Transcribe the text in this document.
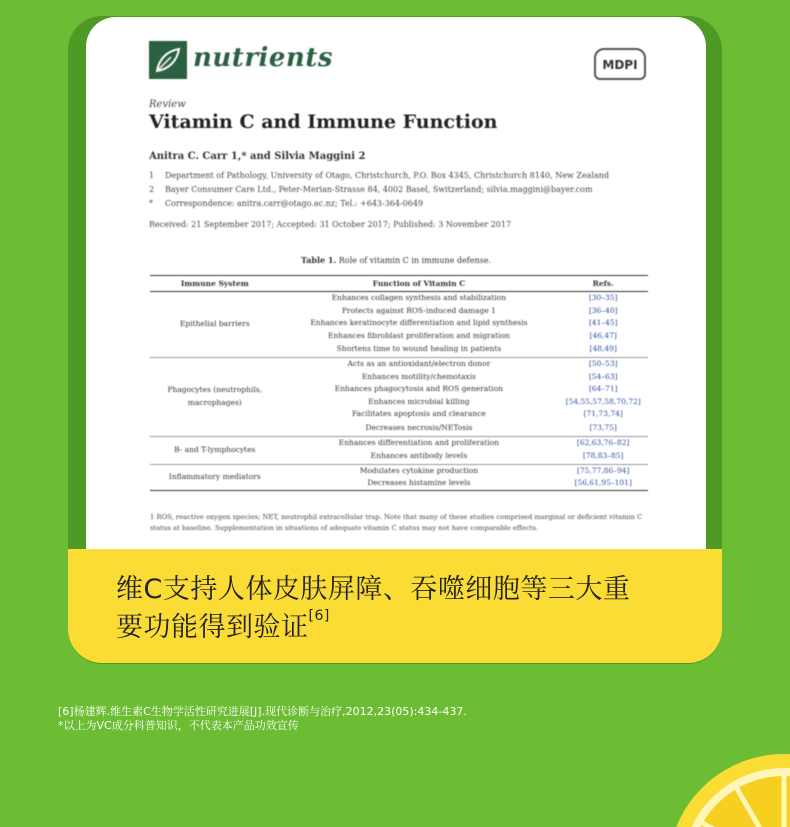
nutrients	MDPI
Review
Vitamin C and Immune Function
Anitra C. Carr 1,* and Silvia Maggini 2
1 Department of Pathology, University of Otago, Christchurch, P.O. Box 4345, Christchurch 8140, New Zealand
2 Bayer Consumer Care Ltd., Peter-Merian-Strasse 84, 4002 Basel, Switzerland; silvia.maggini@bayer.com
* Correspondence: anitra.carr@otago.ac.nz; Tel.: +643-364-0649
Received: 21 September 2017; Accepted: 31 October 2017; Published: 3 November 2017
Table 1. Role of vitamin C in immune defense.
Immune System	Function of Vitamin C	Refs.
Epithelial barriers	Enhances collagen synthesis and stabilization	[30–35]
	Protects against ROS-induced damage 1	[36–40]
	Enhances keratinocyte differentiation and lipid synthesis	[41–45]
	Enhances fibroblast proliferation and migration	[46,47]
	Shortens time to wound healing in patients	[48,49]
Phagocytes (neutrophils, macrophages)	Acts as an antioxidant/electron donor	[50–53]
	Enhances motility/chemotaxis	[54–63]
	Enhances phagocytosis and ROS generation	[64–71]
	Enhances microbial killing	[54,55,57,58,70,72]
	Facilitates apoptosis and clearance	[71,73,74]
	Decreases necrosis/NETosis	[73,75]
B- and T-lymphocytes	Enhances differentiation and proliferation	[62,63,76–82]
	Enhances antibody levels	[78,83–85]
Inflammatory mediators	Modulates cytokine production	[75,77,86–94]
	Decreases histamine levels	[56,61,95–101]
1 ROS, reactive oxygen species; NET, neutrophil extracellular trap. Note that many of these studies comprised marginal or deficient vitamin C status at baseline. Supplementation in situations of adequate vitamin C status may not have comparable effects.
维C支持人体皮肤屏障、吞噬细胞等三大重
要功能得到验证[6]
[6]杨建辉.维生素C生物学活性研究进展[J].现代诊断与治疗,2012,23(05):434-437.
*以上为VC成分科普知识，不代表本产品功效宣传
